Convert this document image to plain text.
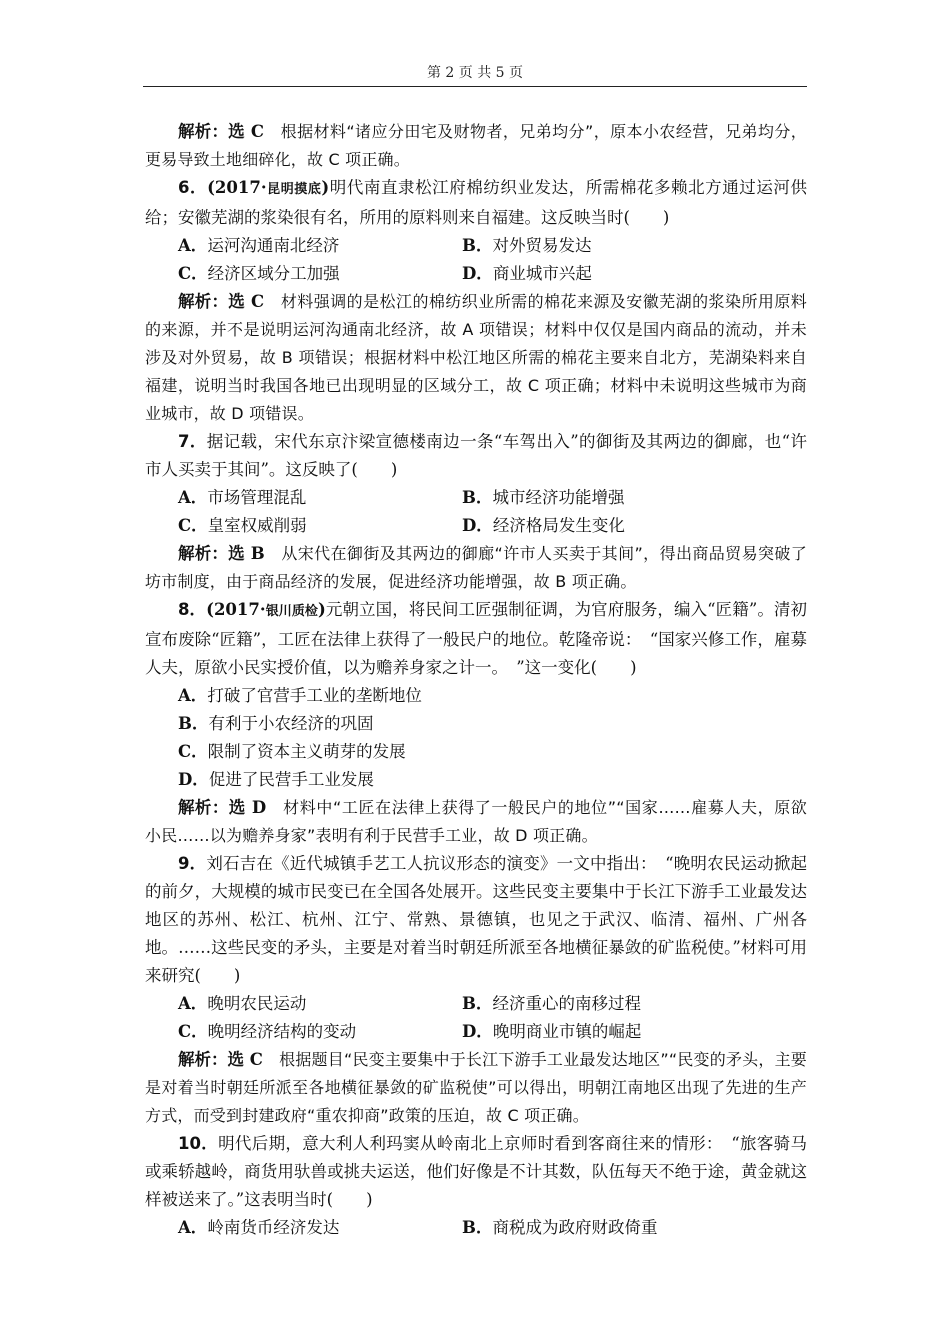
第 2 页 共 5 页

解析：选 C　根据材料“诸应分田宅及财物者，兄弟均分”，原本小农经营，兄弟均分，更易导致土地细碎化，故 C 项正确。

6．(2017·昆明摸底)明代南直隶松江府棉纺织业发达，所需棉花多赖北方通过运河供给；安徽芜湖的浆染很有名，所用的原料则来自福建。这反映当时(　　)

A．运河沟通南北经济	B．对外贸易发达
C．经济区域分工加强	D．商业城市兴起

解析：选 C　材料强调的是松江的棉纺织业所需的棉花来源及安徽芜湖的浆染所用原料的来源，并不是说明运河沟通南北经济，故 A 项错误；材料中仅仅是国内商品的流动，并未涉及对外贸易，故 B 项错误；根据材料中松江地区所需的棉花主要来自北方，芜湖染料来自福建，说明当时我国各地已出现明显的区域分工，故 C 项正确；材料中未说明这些城市为商业城市，故 D 项错误。

7．据记载，宋代东京汴梁宣德楼南边一条“车驾出入”的御街及其两边的御廊，也“许市人买卖于其间”。这反映了(　　)

A．市场管理混乱	B．城市经济功能增强
C．皇室权威削弱	D．经济格局发生变化

解析：选 B　从宋代在御街及其两边的御廊“许市人买卖于其间”，得出商品贸易突破了坊市制度，由于商品经济的发展，促进经济功能增强，故 B 项正确。

8．(2017·银川质检)元朝立国，将民间工匠强制征调，为官府服务，编入“匠籍”。清初宣布废除“匠籍”，工匠在法律上获得了一般民户的地位。乾隆帝说：　“国家兴修工作，雇募人夫，原欲小民实授价值，以为赡养身家之计一。　”这一变化(　　)

A．打破了官营手工业的垄断地位
B．有利于小农经济的巩固
C．限制了资本主义萌芽的发展
D．促进了民营手工业发展

解析：选 D　材料中“工匠在法律上获得了一般民户的地位”“国家……雇募人夫，原欲小民……以为赡养身家”表明有利于民营手工业，故 D 项正确。

9．刘石吉在《近代城镇手艺工人抗议形态的演变》一文中指出：　“晚明农民运动掀起的前夕，大规模的城市民变已在全国各处展开。这些民变主要集中于长江下游手工业最发达地区的苏州、松江、杭州、江宁、常熟、景德镇，也见之于武汉、临清、福州、广州各地。……这些民变的矛头，主要是对着当时朝廷所派至各地横征暴敛的矿监税使。”材料可用来研究(　　)

A．晚明农民运动	B．经济重心的南移过程
C．晚明经济结构的变动	D．晚明商业市镇的崛起

解析：选 C　根据题目“民变主要集中于长江下游手工业最发达地区”“民变的矛头，主要是对着当时朝廷所派至各地横征暴敛的矿监税使”可以得出，明朝江南地区出现了先进的生产方式，而受到封建政府“重农抑商”政策的压迫，故 C 项正确。

10．明代后期，意大利人利玛窦从岭南北上京师时看到客商往来的情形：　“旅客骑马或乘轿越岭，商货用驮兽或挑夫运送，他们好像是不计其数，队伍每天不绝于途，黄金就这样被送来了。”这表明当时(　　)

A．岭南货币经济发达	B．商税成为政府财政倚重
